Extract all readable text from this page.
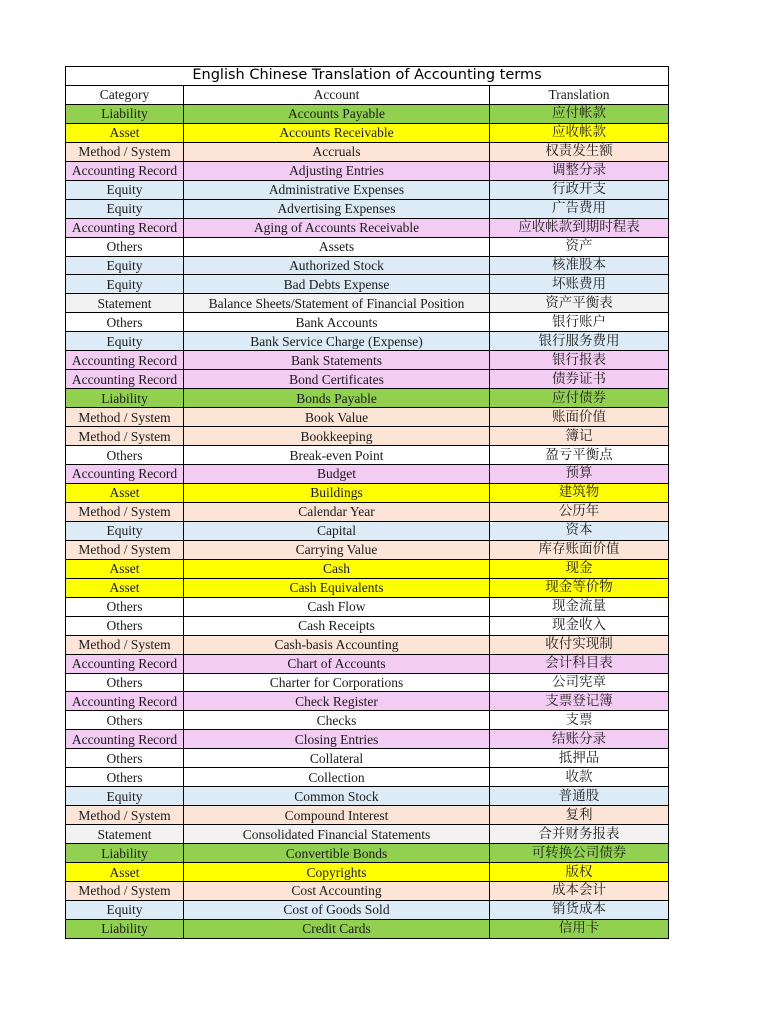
English Chinese Translation of Accounting terms		
Category	Account	Translation
Liability	Accounts Payable	应付帐款
Asset	Accounts Receivable	应收帐款
Method / System	Accruals	权责发生额
Accounting Record	Adjusting Entries	调整分录
Equity	Administrative Expenses	行政开支
Equity	Advertising Expenses	广告费用
Accounting Record	Aging of Accounts Receivable	应收帐款到期时程表
Others	Assets	资产
Equity	Authorized Stock	核准股本
Equity	Bad Debts Expense	坏账费用
Statement	Balance Sheets/Statement of Financial Position	资产平衡表
Others	Bank Accounts	银行账户
Equity	Bank Service Charge (Expense)	银行服务费用
Accounting Record	Bank Statements	银行报表
Accounting Record	Bond Certificates	债券证书
Liability	Bonds Payable	应付债券
Method / System	Book Value	账面价值
Method / System	Bookkeeping	簿记
Others	Break-even Point	盈亏平衡点
Accounting Record	Budget	预算
Asset	Buildings	建筑物
Method / System	Calendar Year	公历年
Equity	Capital	资本
Method / System	Carrying Value	库存账面价值
Asset	Cash	现金
Asset	Cash Equivalents	现金等价物
Others	Cash Flow	现金流量
Others	Cash Receipts	现金收入
Method / System	Cash-basis Accounting	收付实现制
Accounting Record	Chart of Accounts	会计科目表
Others	Charter for Corporations	公司宪章
Accounting Record	Check Register	支票登记簿
Others	Checks	支票
Accounting Record	Closing Entries	结账分录
Others	Collateral	抵押品
Others	Collection	收款
Equity	Common Stock	普通股
Method / System	Compound Interest	复利
Statement	Consolidated Financial Statements	合并财务报表
Liability	Convertible Bonds	可转换公司债券
Asset	Copyrights	版权
Method / System	Cost Accounting	成本会计
Equity	Cost of Goods Sold	销货成本
Liability	Credit Cards	信用卡
